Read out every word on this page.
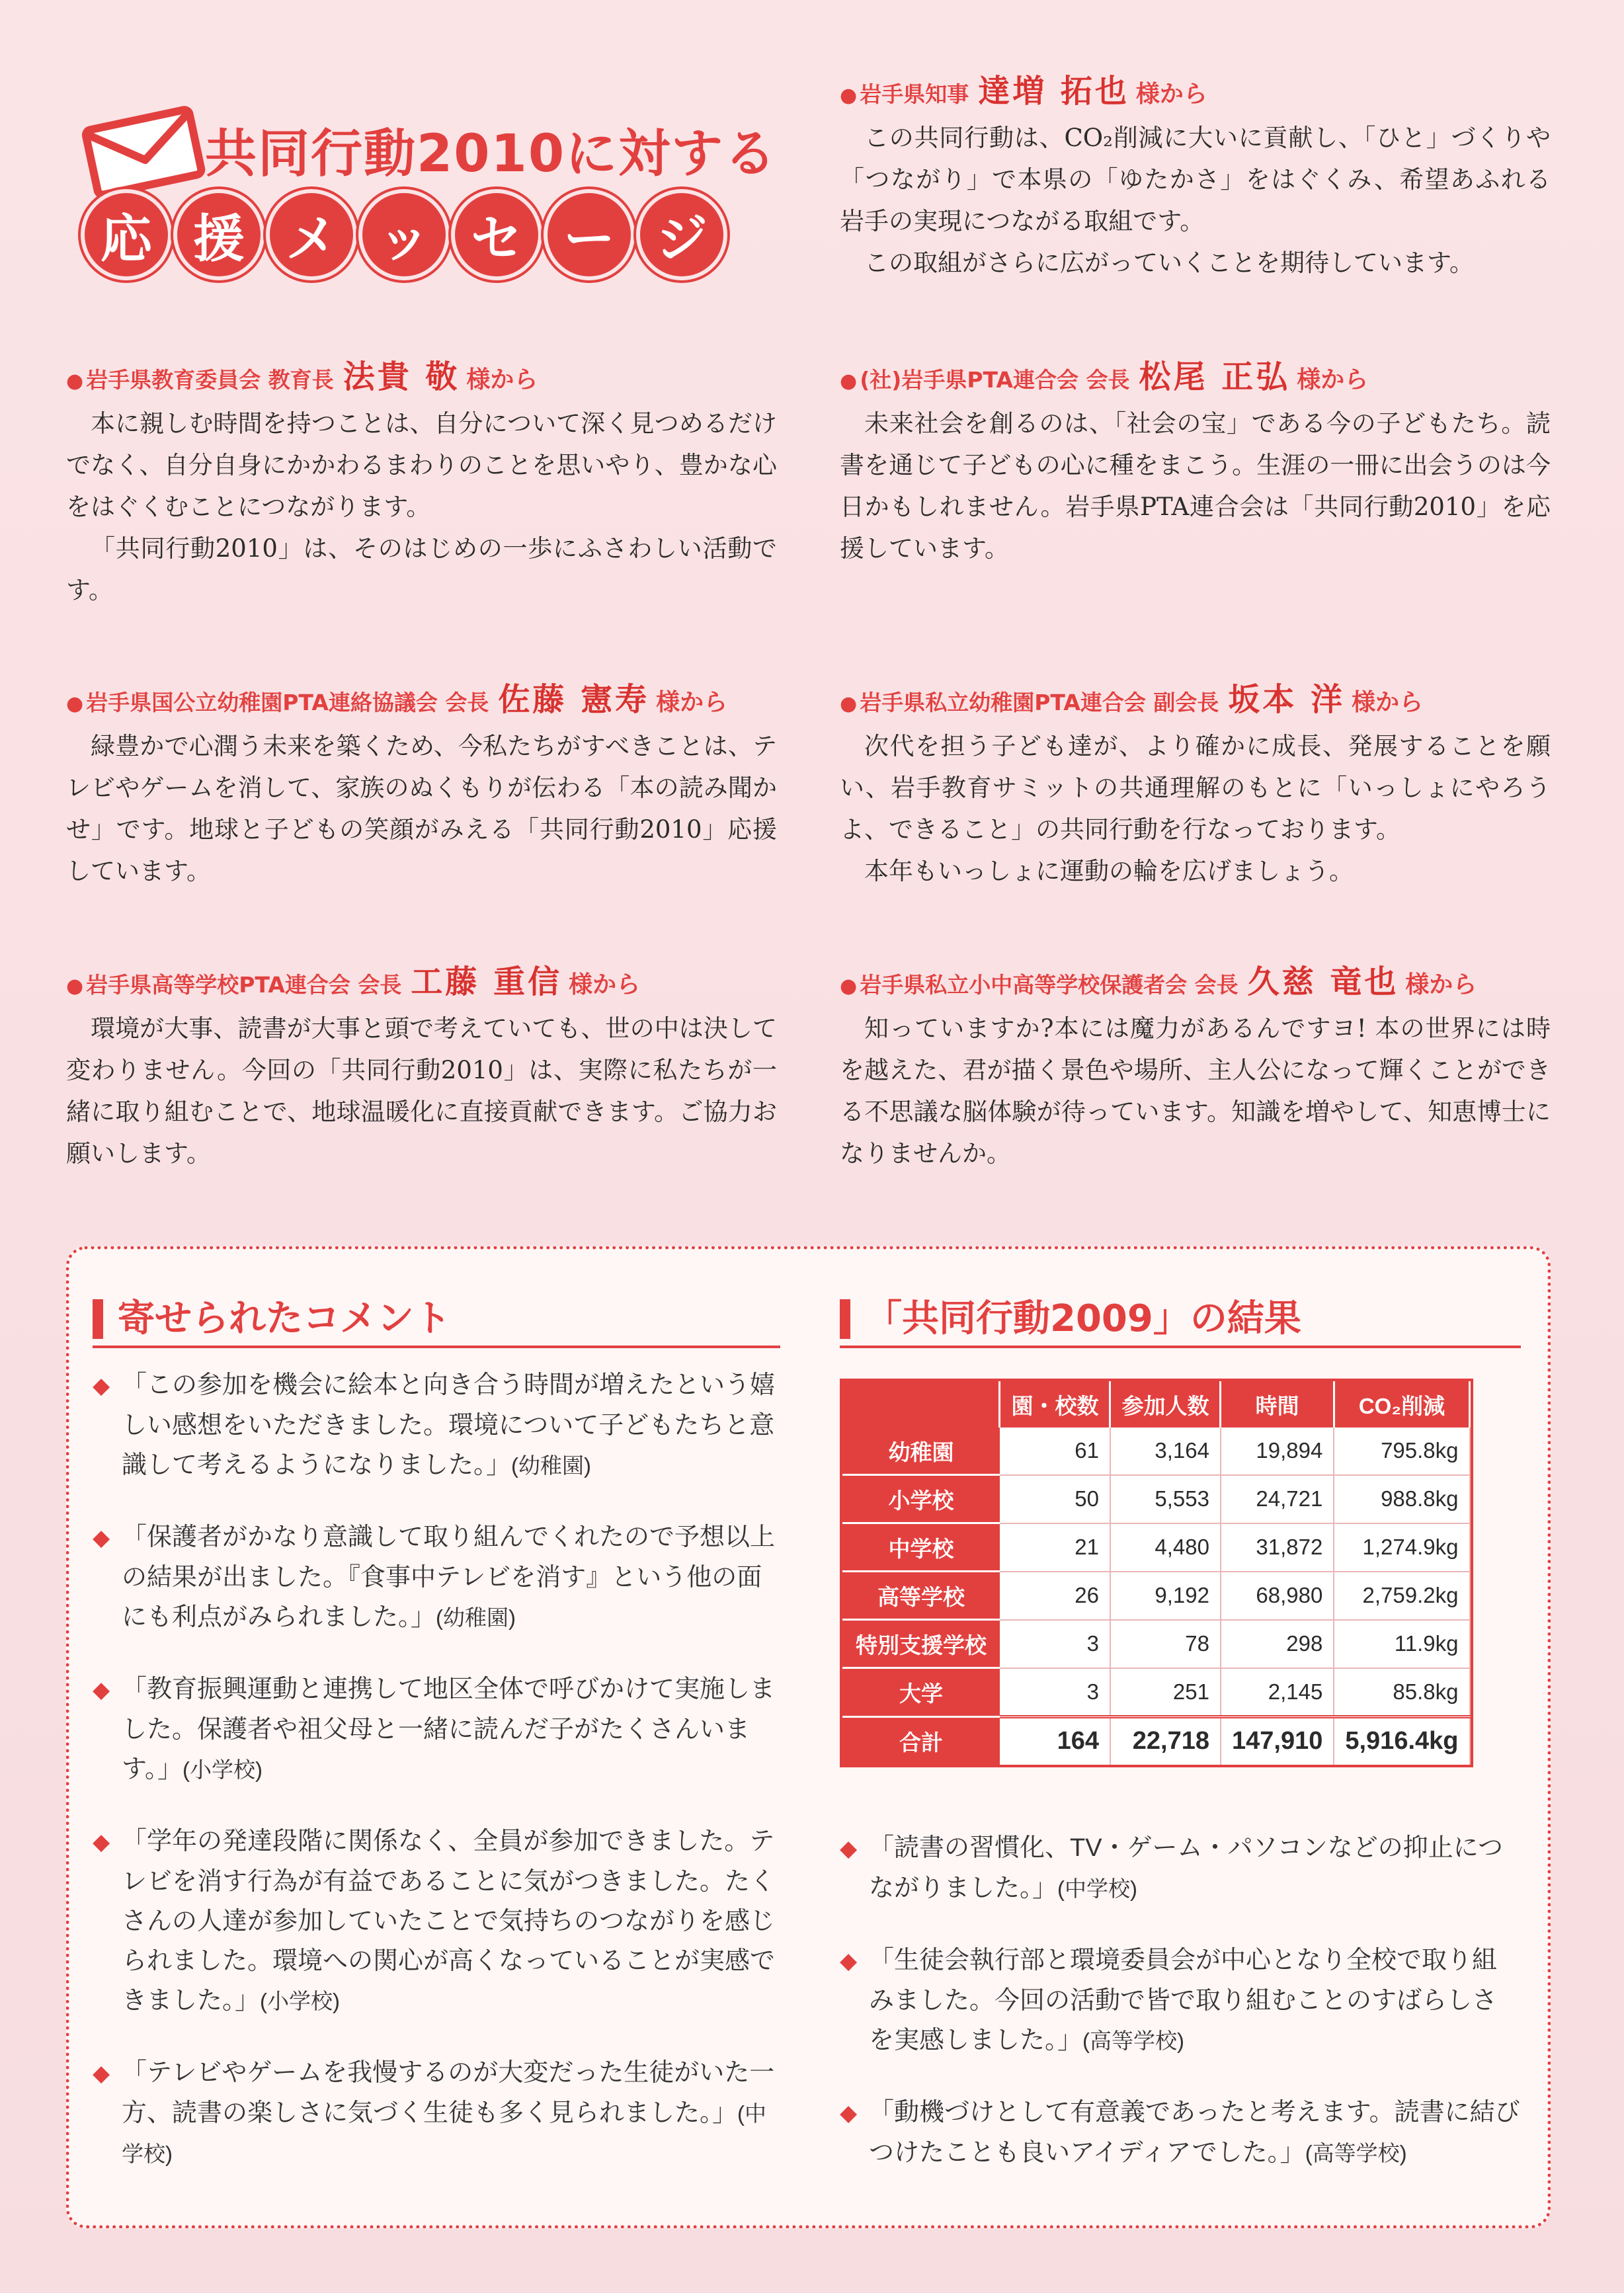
共同行動2010に対する
応 援 メ ッ セ ー ジ
● 岩手県知事 達増 拓也 様から

この共同行動は、CO₂削減に大いに貢献し、「ひと」づくりや「つながり」で本県の「ゆたかさ」をはぐくみ、希望あふれる岩手の実現につながる取組です。

この取組がさらに広がっていくことを期待しています。

● 岩手県教育委員会 教育長 法貴 敬 様から

本に親しむ時間を持つことは、自分について深く見つめるだけでなく、自分自身にかかわるまわりのことを思いやり、豊かな心をはぐくむことにつながります。

「共同行動2010」は、そのはじめの一歩にふさわしい活動です。

● (社)岩手県PTA連合会 会長 松尾 正弘 様から

未来社会を創るのは、「社会の宝」である今の子どもたち。読書を通じて子どもの心に種をまこう。生涯の一冊に出会うのは今日かもしれません。岩手県PTA連合会は「共同行動2010」を応援しています。

● 岩手県国公立幼稚園PTA連絡協議会 会長 佐藤 憲寿 様から

緑豊かで心潤う未来を築くため、今私たちがすべきことは、テレビやゲームを消して、家族のぬくもりが伝わる「本の読み聞かせ」です。地球と子どもの笑顔がみえる「共同行動2010」応援しています。

● 岩手県私立幼稚園PTA連合会 副会長 坂本 洋 様から

次代を担う子ども達が、より確かに成長、発展することを願い、岩手教育サミットの共通理解のもとに「いっしょにやろうよ、できること」の共同行動を行なっております。

本年もいっしょに運動の輪を広げましょう。

● 岩手県高等学校PTA連合会 会長 工藤 重信 様から

環境が大事、読書が大事と頭で考えていても、世の中は決して変わりません。今回の「共同行動2010」は、実際に私たちが一緒に取り組むことで、地球温暖化に直接貢献できます。ご協力お願いします。

● 岩手県私立小中高等学校保護者会 会長 久慈 竜也 様から

知っていますか?本には魔力があるんですヨ! 本の世界には時を越えた、君が描く景色や場所、主人公になって輝くことができる不思議な脳体験が待っています。知識を増やして、知恵博士になりませんか。

寄せられたコメント
◆ 「この参加を機会に絵本と向き合う時間が増えたという嬉しい感想をいただきました。環境について子どもたちと意識して考えるようになりました。」(幼稚園)
◆ 「保護者がかなり意識して取り組んでくれたので予想以上の結果が出ました。『食事中テレビを消す』という他の面にも利点がみられました。」(幼稚園)
◆ 「教育振興運動と連携して地区全体で呼びかけて実施しました。保護者や祖父母と一緒に読んだ子がたくさんいます。」(小学校)
◆ 「学年の発達段階に関係なく、全員が参加できました。テレビを消す行為が有益であることに気がつきました。たくさんの人達が参加していたことで気持ちのつながりを感じられました。環境への関心が高くなっていることが実感できました。」(小学校)
◆ 「テレビやゲームを我慢するのが大変だった生徒がいた一方、読書の楽しさに気づく生徒も多く見られました。」(中学校)
「共同行動2009」の結果
	園・校数	参加人数	時間	CO₂削減
幼稚園	61	3,164	19,894	795.8kg
小学校	50	5,553	24,721	988.8kg
中学校	21	4,480	31,872	1,274.9kg
高等学校	26	9,192	68,980	2,759.2kg
特別支援学校	3	78	298	11.9kg
大学	3	251	2,145	85.8kg
合計	164	22,718	147,910	5,916.4kg
◆ 「読書の習慣化、TV・ゲーム・パソコンなどの抑止につながりました。」(中学校)
◆ 「生徒会執行部と環境委員会が中心となり全校で取り組みました。今回の活動で皆で取り組むことのすばらしさを実感しました。」(高等学校)
◆ 「動機づけとして有意義であったと考えます。読書に結びつけたことも良いアイディアでした。」(高等学校)
